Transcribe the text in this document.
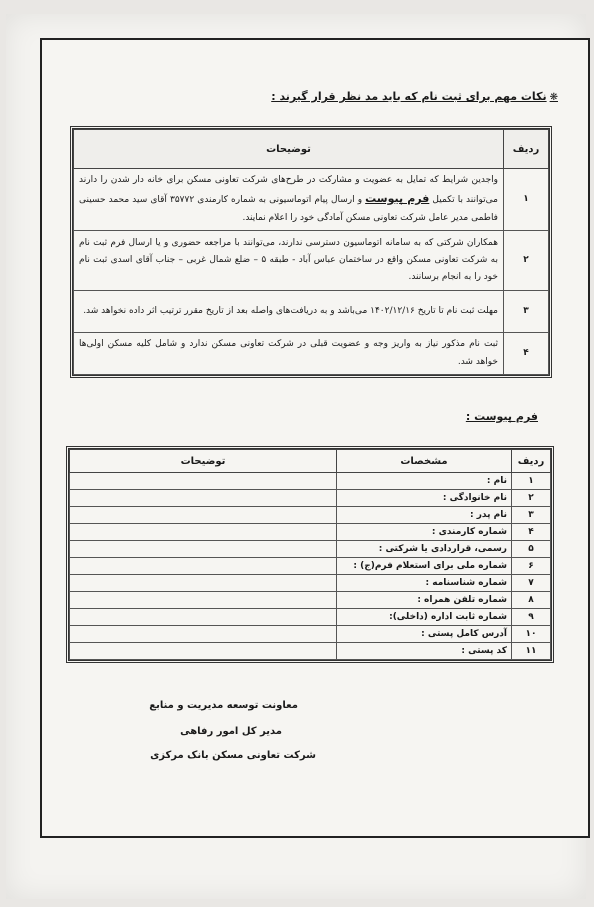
❋نکات مهم برای ثبت نام که باید مد نظر قرار گیرند :
ردیف	توضیحات
۱	واجدین شرایط که تمایل به عضویت و مشارکت در طرح‌های شرکت تعاونی مسکن برای خانه دار شدن را دارند می‌توانند با تکمیل فرم پیوست و ارسال پیام اتوماسیونی به شماره کارمندی ۳۵۷۷۲ آقای سید محمد حسینی فاطمی مدیر عامل شرکت تعاونی مسکن آمادگی خود را اعلام نمایند.
۲	همکاران شرکتی که به سامانه اتوماسیون دسترسی ندارند، می‌توانند با مراجعه حضوری و یا ارسال فرم ثبت نام به شرکت تعاونی مسکن واقع در ساختمان عباس آباد - طبقه ۵ – ضلع شمال غربی – جناب آقای اسدی ثبت نام خود را به انجام برسانند.
۳	مهلت ثبت نام تا تاریخ ۱۴۰۲/۱۲/۱۶ می‌باشد و به دریافت‌های واصله بعد از تاریخ مقرر ترتیب اثر داده نخواهد شد.
۴	ثبت نام مذکور نیاز به واریز وجه و عضویت قبلی در شرکت تعاونی مسکن ندارد و شامل کلیه مسکن اولی‌ها خواهد شد.
فرم پیوست :
ردیف	مشخصات	توضیحات
۱	نام :	
۲	نام خانوادگی :	
۳	نام پدر :	
۴	شماره کارمندی :	
۵	رسمی، قراردادی یا شرکتی :	
۶	شماره ملی برای استعلام فرم(ج) :	
۷	شماره شناسنامه :	
۸	شماره تلفن همراه :	
۹	شماره ثابت اداره (داخلی):	
۱۰	آدرس کامل پستی :	
۱۱	کد پستی :	
معاونت توسعه مدیریت و منابع
مدیر کل امور رفاهی
شرکت تعاونی مسکن بانک مرکزی
